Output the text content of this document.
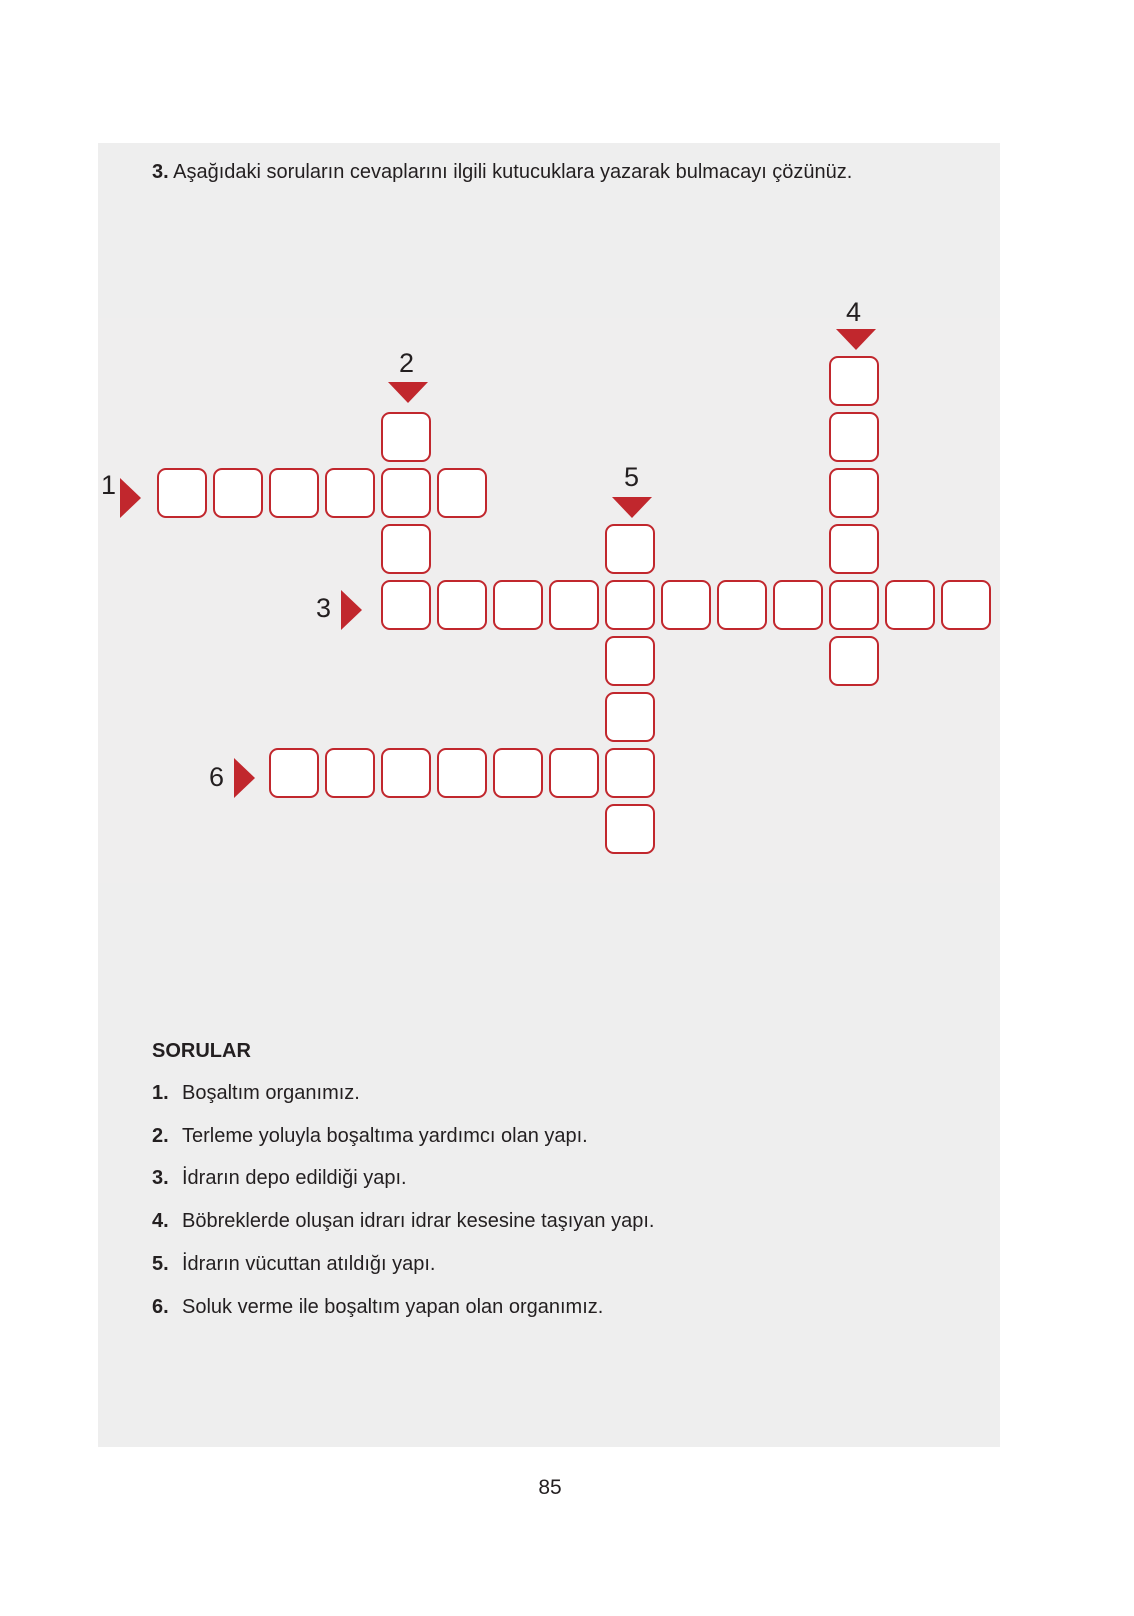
3. Aşağıdaki soruların cevaplarını ilgili kutucuklara yazarak bulmacayı çözünüz.
1
2
3
4
5
6
SORULAR
1. Boşaltım organımız.
2. Terleme yoluyla boşaltıma yardımcı olan yapı.
3. İdrarın depo edildiği yapı.
4. Böbreklerde oluşan idrarı idrar kesesine taşıyan yapı.
5. İdrarın vücuttan atıldığı yapı.
6. Soluk verme ile boşaltım yapan olan organımız.
85
